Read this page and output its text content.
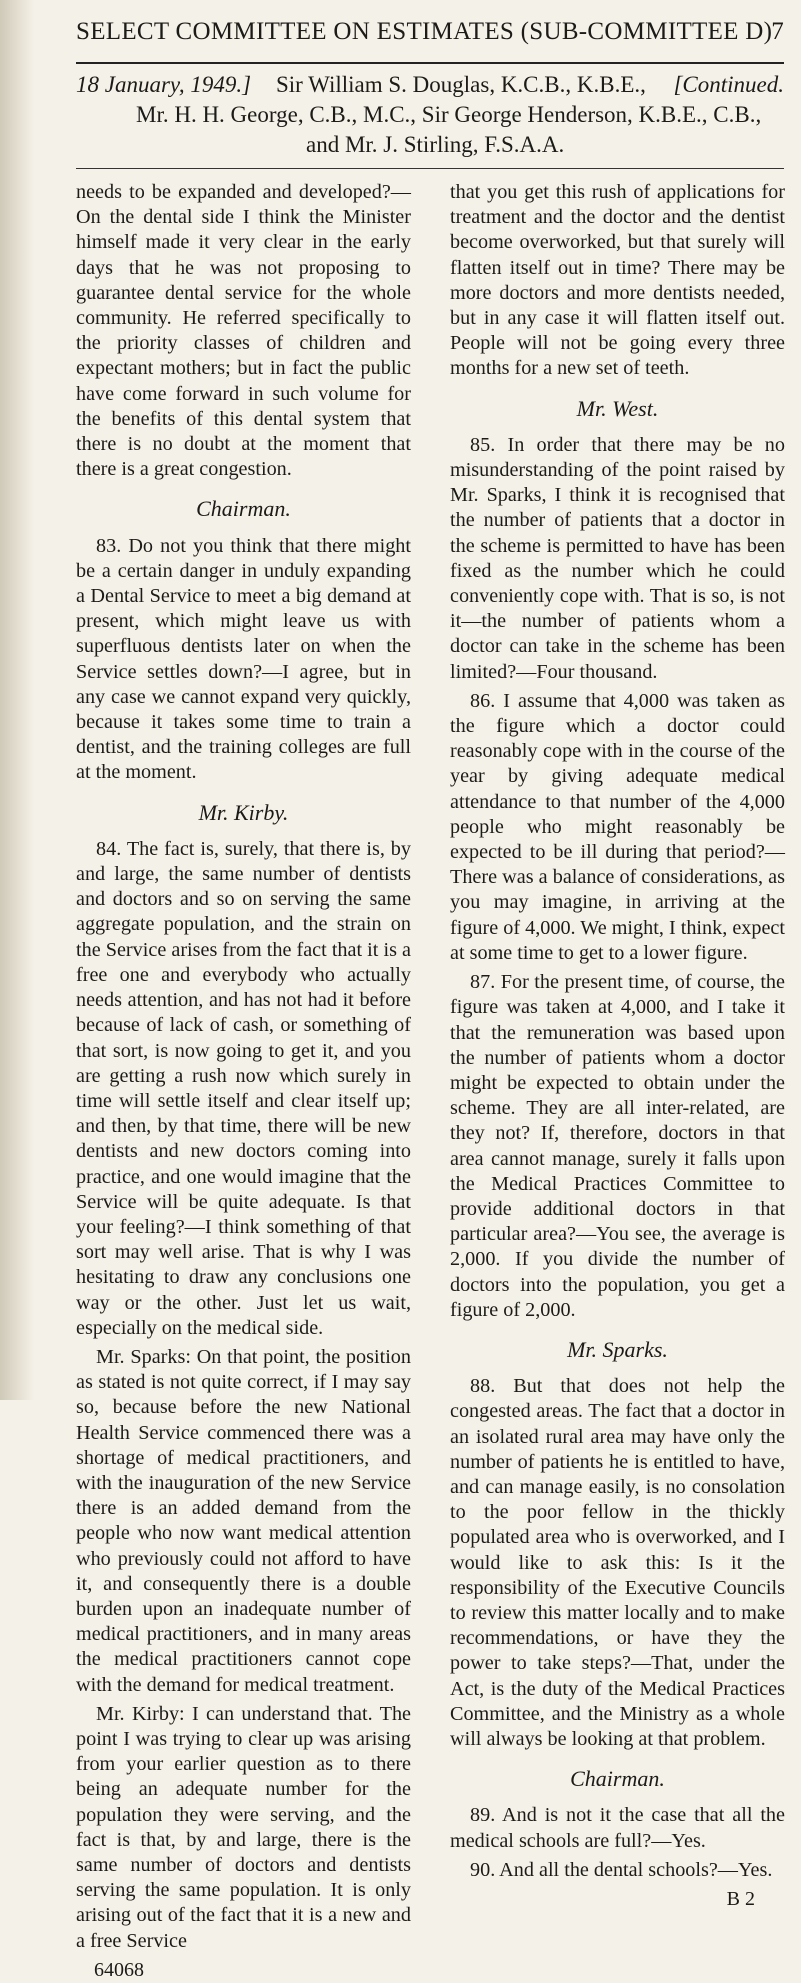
SELECT COMMITTEE ON ESTIMATES (SUB-COMMITTEE D)
7
18 January, 1949.] Sir William S. Douglas, K.C.B., K.B.E., [Continued.
Mr. H. H. George, C.B., M.C., Sir George Henderson, K.B.E., C.B.,
and Mr. J. Stirling, F.S.A.A.

needs to be expanded and developed?—On the dental side I think the Minister himself made it very clear in the early days that he was not proposing to guarantee dental service for the whole community. He referred specifically to the priority classes of children and expectant mothers; but in fact the public have come forward in such volume for the benefits of this dental system that there is no doubt at the moment that there is a great congestion.

Chairman.

83. Do not you think that there might be a certain danger in unduly expanding a Dental Service to meet a big demand at present, which might leave us with superfluous dentists later on when the Service settles down?—I agree, but in any case we cannot expand very quickly, because it takes some time to train a dentist, and the training colleges are full at the moment.

Mr. Kirby.

84. The fact is, surely, that there is, by and large, the same number of dentists and doctors and so on serving the same aggregate population, and the strain on the Service arises from the fact that it is a free one and everybody who actually needs attention, and has not had it before because of lack of cash, or something of that sort, is now going to get it, and you are getting a rush now which surely in time will settle itself and clear itself up; and then, by that time, there will be new dentists and new doctors coming into practice, and one would imagine that the Service will be quite adequate. Is that your feeling?—I think something of that sort may well arise. That is why I was hesitating to draw any conclusions one way or the other. Just let us wait, especially on the medical side.

Mr. Sparks: On that point, the position as stated is not quite correct, if I may say so, because before the new National Health Service commenced there was a shortage of medical practitioners, and with the inauguration of the new Service there is an added demand from the people who now want medical attention who previously could not afford to have it, and consequently there is a double burden upon an inadequate number of medical practitioners, and in many areas the medical practitioners cannot cope with the demand for medical treatment.

Mr. Kirby: I can understand that. The point I was trying to clear up was arising from your earlier question as to there being an adequate number for the population they were serving, and the fact is that, by and large, there is the same number of doctors and dentists serving the same population. It is only arising out of the fact that it is a new and a free Service

64068

that you get this rush of applications for treatment and the doctor and the dentist become overworked, but that surely will flatten itself out in time? There may be more doctors and more dentists needed, but in any case it will flatten itself out. People will not be going every three months for a new set of teeth.

Mr. West.

85. In order that there may be no misunderstanding of the point raised by Mr. Sparks, I think it is recognised that the number of patients that a doctor in the scheme is permitted to have has been fixed as the number which he could conveniently cope with. That is so, is not it—the number of patients whom a doctor can take in the scheme has been limited?—Four thousand.

86. I assume that 4,000 was taken as the figure which a doctor could reasonably cope with in the course of the year by giving adequate medical attendance to that number of the 4,000 people who might reasonably be expected to be ill during that period?—There was a balance of considerations, as you may imagine, in arriving at the figure of 4,000. We might, I think, expect at some time to get to a lower figure.

87. For the present time, of course, the figure was taken at 4,000, and I take it that the remuneration was based upon the number of patients whom a doctor might be expected to obtain under the scheme. They are all inter-related, are they not? If, therefore, doctors in that area cannot manage, surely it falls upon the Medical Practices Committee to provide additional doctors in that particular area?—You see, the average is 2,000. If you divide the number of doctors into the population, you get a figure of 2,000.

Mr. Sparks.

88. But that does not help the congested areas. The fact that a doctor in an isolated rural area may have only the number of patients he is entitled to have, and can manage easily, is no consolation to the poor fellow in the thickly populated area who is overworked, and I would like to ask this: Is it the responsibility of the Executive Councils to review this matter locally and to make recommendations, or have they the power to take steps?—That, under the Act, is the duty of the Medical Practices Committee, and the Ministry as a whole will always be looking at that problem.

Chairman.

89. And is not it the case that all the medical schools are full?—Yes.

90. And all the dental schools?—Yes.

B 2
